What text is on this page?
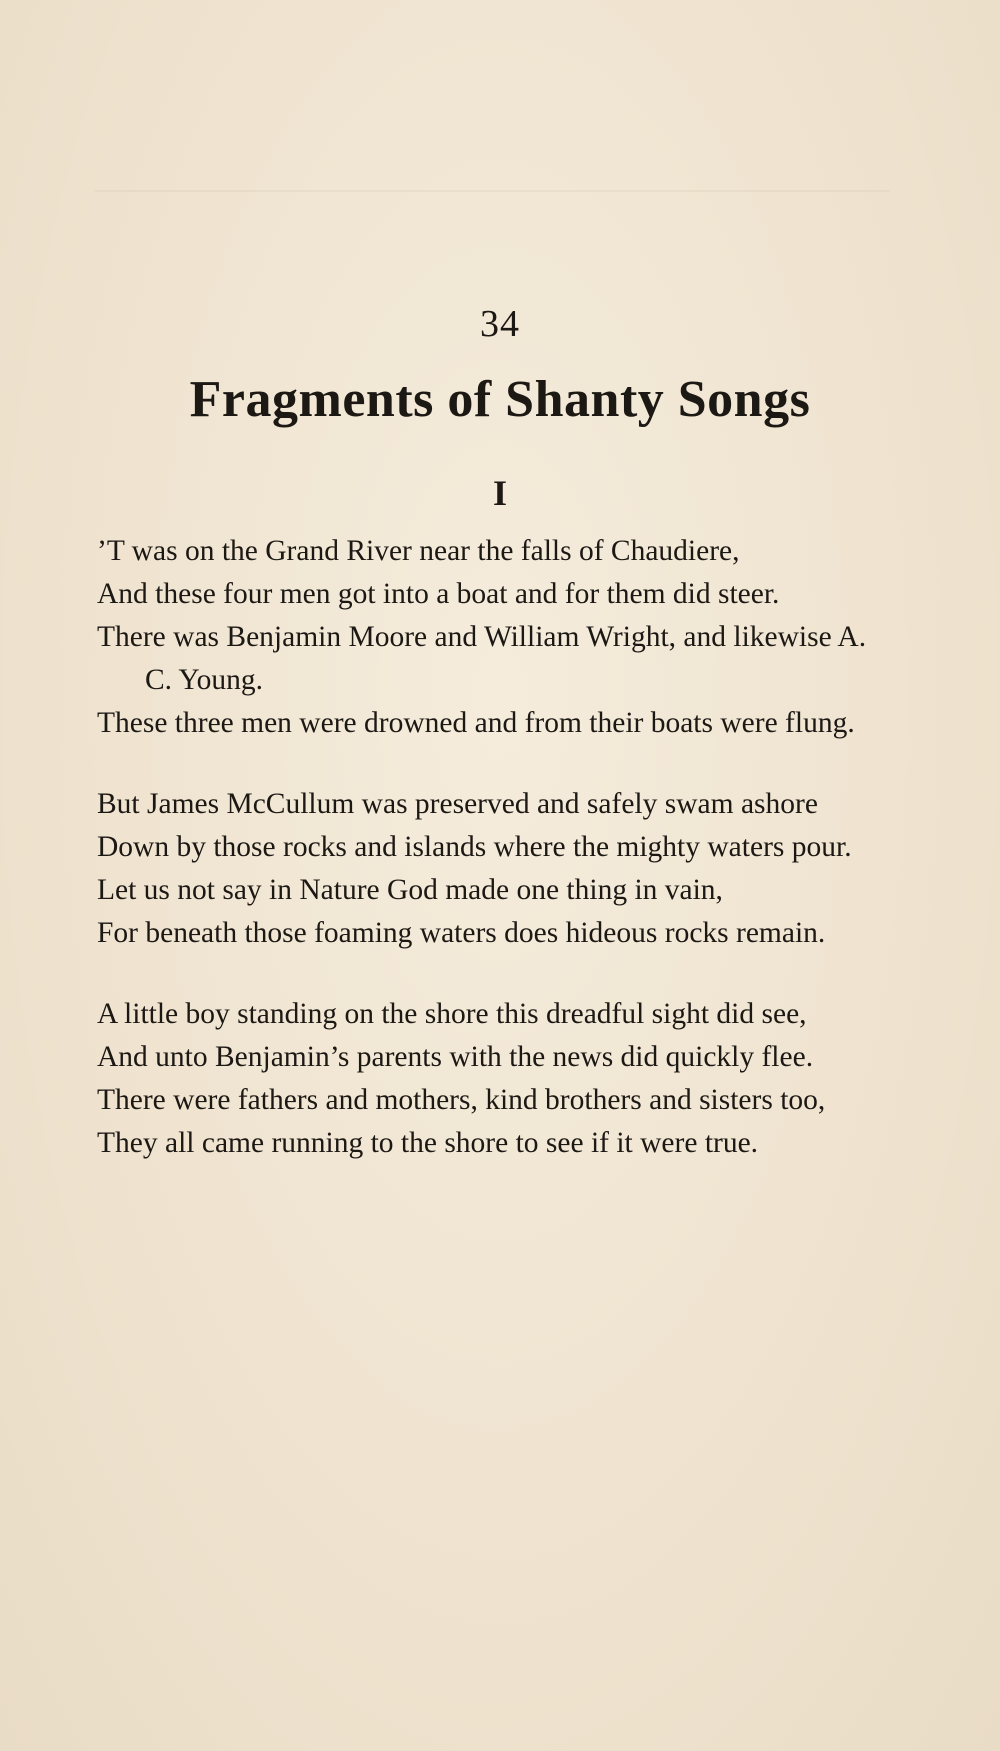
34
Fragments of Shanty Songs
I
’T was on the Grand River near the falls of Chaudiere,
And these four men got into a boat and for them did steer.
There was Benjamin Moore and William Wright, and likewise A. C. Young.
These three men were drowned and from their boats were flung.
But James McCullum was preserved and safely swam ashore
Down by those rocks and islands where the mighty waters pour.
Let us not say in Nature God made one thing in vain,
For beneath those foaming waters does hideous rocks remain.
A little boy standing on the shore this dreadful sight did see,
And unto Benjamin’s parents with the news did quickly flee.
There were fathers and mothers, kind brothers and sisters too,
They all came running to the shore to see if it were true.
